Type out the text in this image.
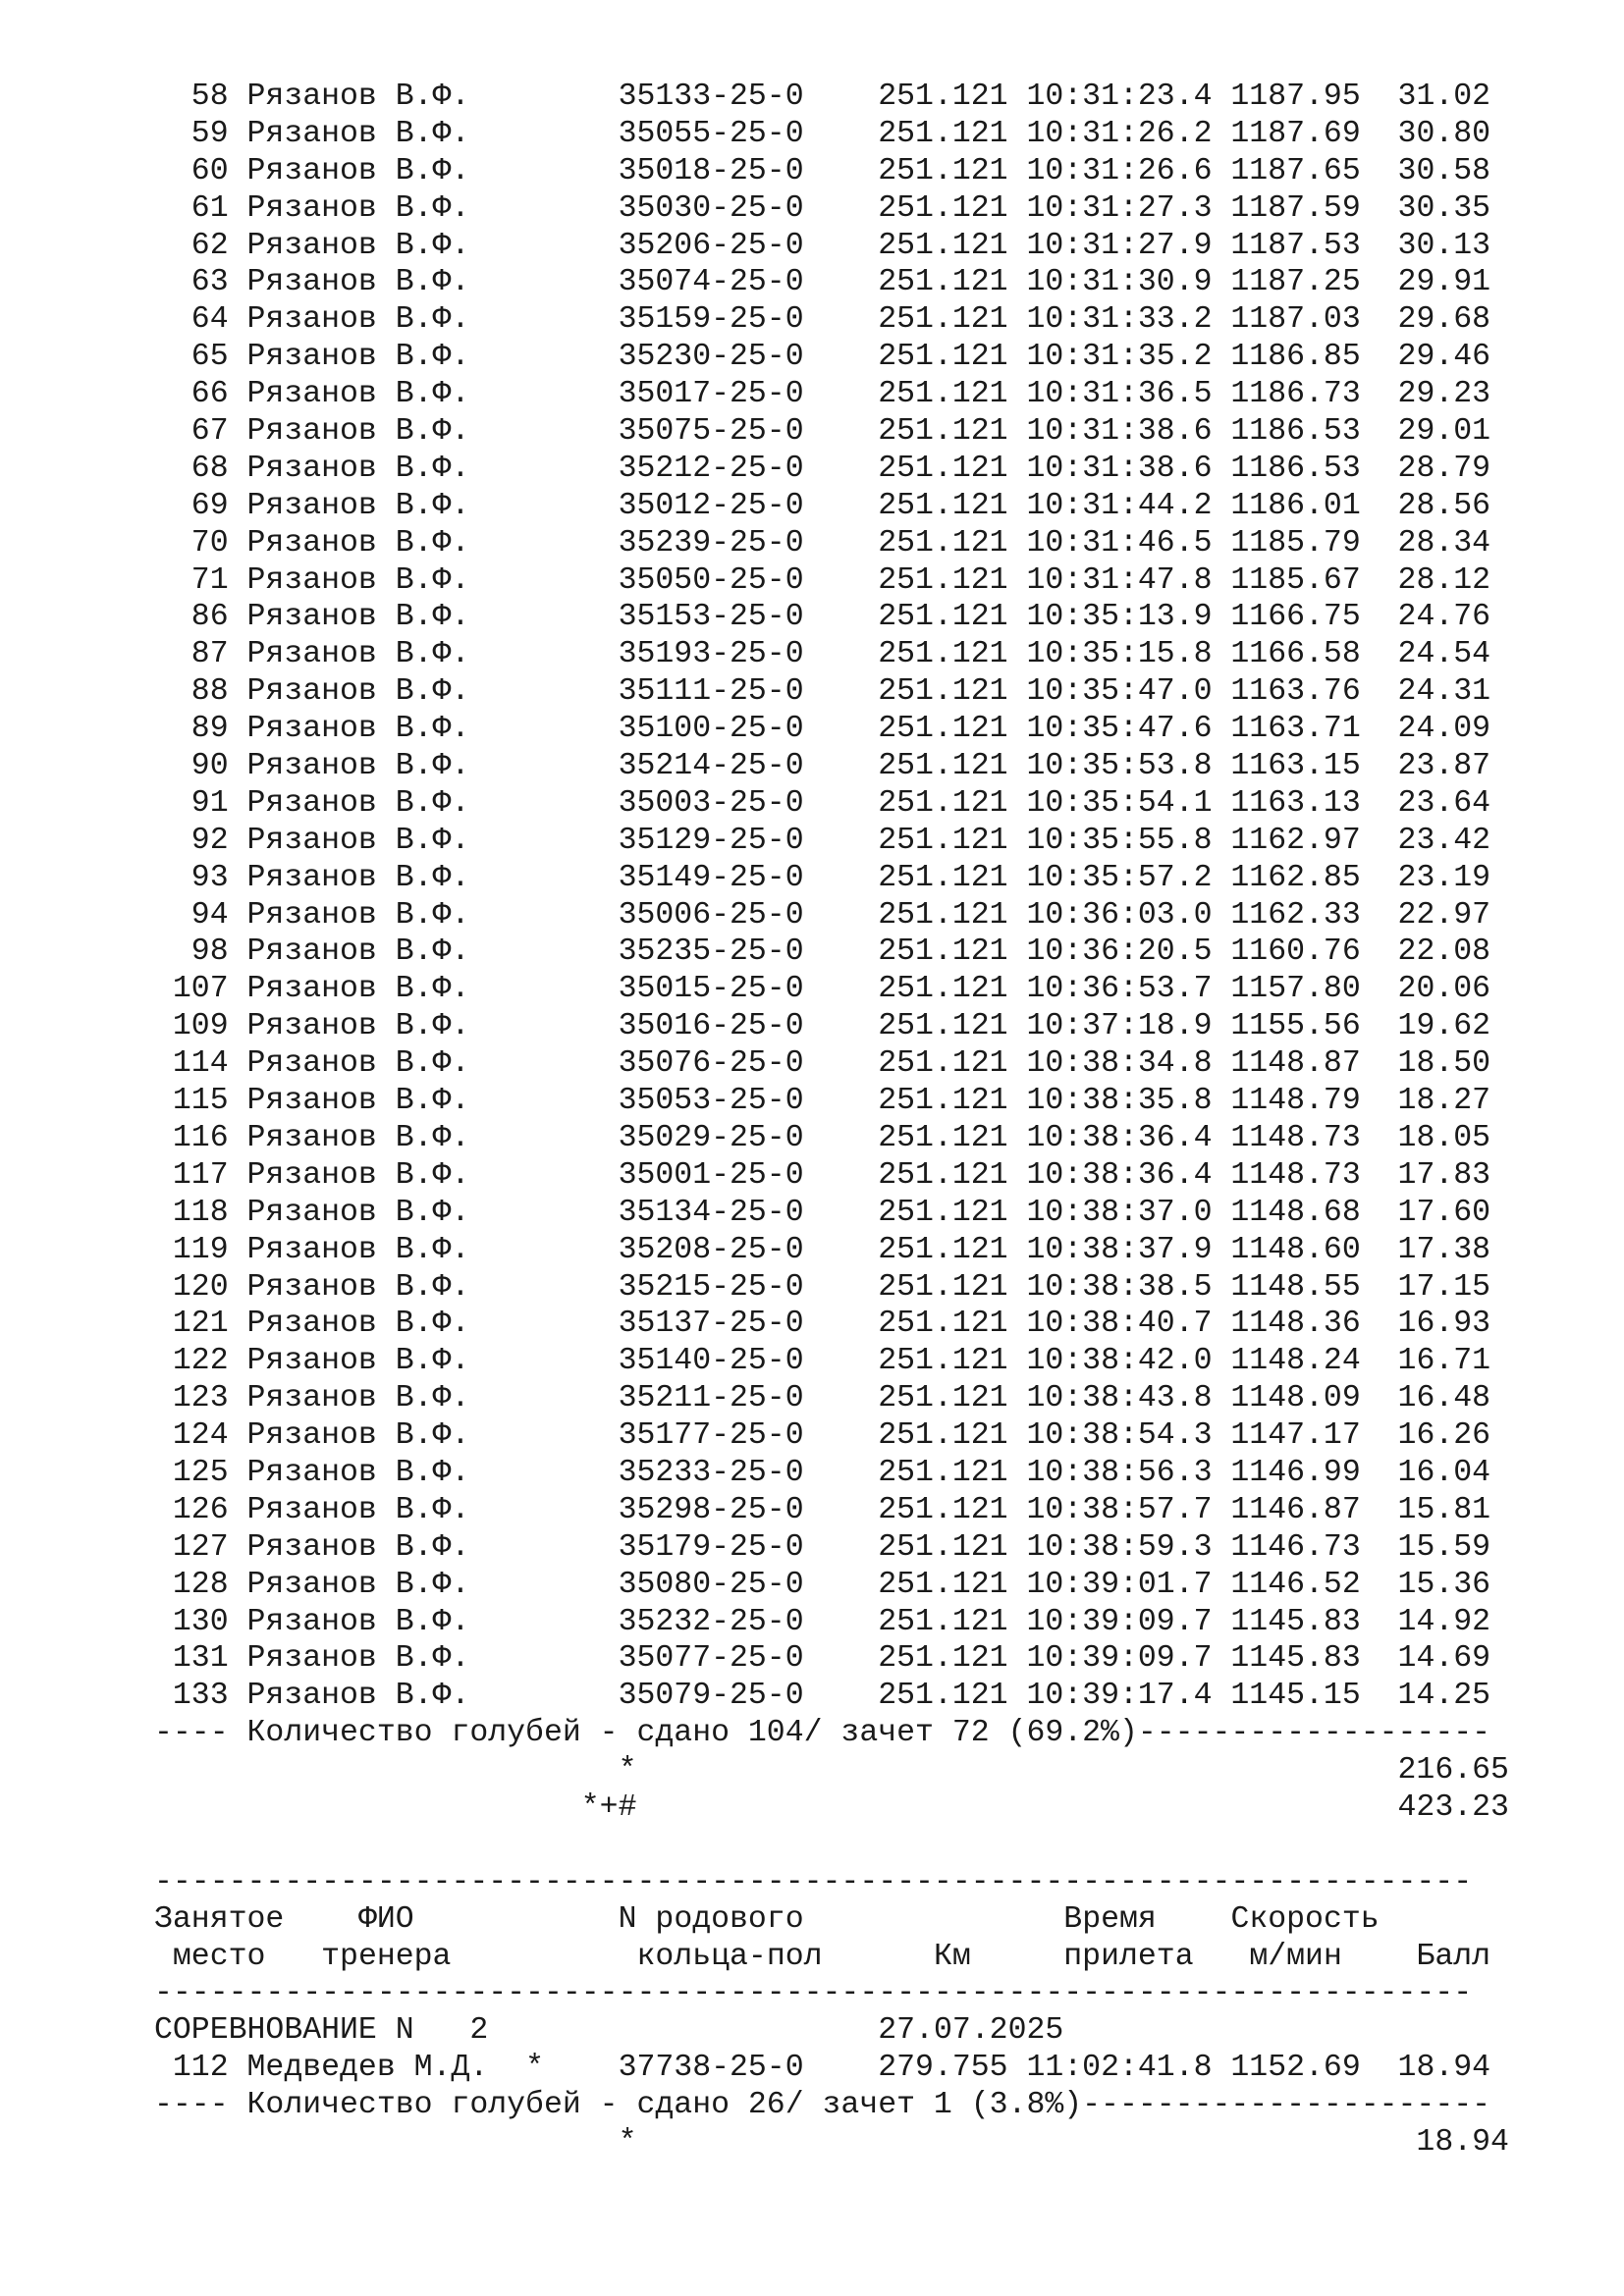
58 Рязанов В.Ф.        35133-25-0    251.121 10:31:23.4 1187.95  31.02
59 Рязанов В.Ф.        35055-25-0    251.121 10:31:26.2 1187.69  30.80
60 Рязанов В.Ф.        35018-25-0    251.121 10:31:26.6 1187.65  30.58
61 Рязанов В.Ф.        35030-25-0    251.121 10:31:27.3 1187.59  30.35
62 Рязанов В.Ф.        35206-25-0    251.121 10:31:27.9 1187.53  30.13
63 Рязанов В.Ф.        35074-25-0    251.121 10:31:30.9 1187.25  29.91
64 Рязанов В.Ф.        35159-25-0    251.121 10:31:33.2 1187.03  29.68
65 Рязанов В.Ф.        35230-25-0    251.121 10:31:35.2 1186.85  29.46
66 Рязанов В.Ф.        35017-25-0    251.121 10:31:36.5 1186.73  29.23
67 Рязанов В.Ф.        35075-25-0    251.121 10:31:38.6 1186.53  29.01
68 Рязанов В.Ф.        35212-25-0    251.121 10:31:38.6 1186.53  28.79
69 Рязанов В.Ф.        35012-25-0    251.121 10:31:44.2 1186.01  28.56
70 Рязанов В.Ф.        35239-25-0    251.121 10:31:46.5 1185.79  28.34
71 Рязанов В.Ф.        35050-25-0    251.121 10:31:47.8 1185.67  28.12
86 Рязанов В.Ф.        35153-25-0    251.121 10:35:13.9 1166.75  24.76
87 Рязанов В.Ф.        35193-25-0    251.121 10:35:15.8 1166.58  24.54
88 Рязанов В.Ф.        35111-25-0    251.121 10:35:47.0 1163.76  24.31
89 Рязанов В.Ф.        35100-25-0    251.121 10:35:47.6 1163.71  24.09
90 Рязанов В.Ф.        35214-25-0    251.121 10:35:53.8 1163.15  23.87
91 Рязанов В.Ф.        35003-25-0    251.121 10:35:54.1 1163.13  23.64
92 Рязанов В.Ф.        35129-25-0    251.121 10:35:55.8 1162.97  23.42
93 Рязанов В.Ф.        35149-25-0    251.121 10:35:57.2 1162.85  23.19
94 Рязанов В.Ф.        35006-25-0    251.121 10:36:03.0 1162.33  22.97
98 Рязанов В.Ф.        35235-25-0    251.121 10:36:20.5 1160.76  22.08
107 Рязанов В.Ф.        35015-25-0    251.121 10:36:53.7 1157.80  20.06
109 Рязанов В.Ф.        35016-25-0    251.121 10:37:18.9 1155.56  19.62
114 Рязанов В.Ф.        35076-25-0    251.121 10:38:34.8 1148.87  18.50
115 Рязанов В.Ф.        35053-25-0    251.121 10:38:35.8 1148.79  18.27
116 Рязанов В.Ф.        35029-25-0    251.121 10:38:36.4 1148.73  18.05
117 Рязанов В.Ф.        35001-25-0    251.121 10:38:36.4 1148.73  17.83
118 Рязанов В.Ф.        35134-25-0    251.121 10:38:37.0 1148.68  17.60
119 Рязанов В.Ф.        35208-25-0    251.121 10:38:37.9 1148.60  17.38
120 Рязанов В.Ф.        35215-25-0    251.121 10:38:38.5 1148.55  17.15
121 Рязанов В.Ф.        35137-25-0    251.121 10:38:40.7 1148.36  16.93
122 Рязанов В.Ф.        35140-25-0    251.121 10:38:42.0 1148.24  16.71
123 Рязанов В.Ф.        35211-25-0    251.121 10:38:43.8 1148.09  16.48
124 Рязанов В.Ф.        35177-25-0    251.121 10:38:54.3 1147.17  16.26
125 Рязанов В.Ф.        35233-25-0    251.121 10:38:56.3 1146.99  16.04
126 Рязанов В.Ф.        35298-25-0    251.121 10:38:57.7 1146.87  15.81
127 Рязанов В.Ф.        35179-25-0    251.121 10:38:59.3 1146.73  15.59
128 Рязанов В.Ф.        35080-25-0    251.121 10:39:01.7 1146.52  15.36
130 Рязанов В.Ф.        35232-25-0    251.121 10:39:09.7 1145.83  14.92
131 Рязанов В.Ф.        35077-25-0    251.121 10:39:09.7 1145.83  14.69
133 Рязанов В.Ф.        35079-25-0    251.121 10:39:17.4 1145.15  14.25
---- Количество голубей - сдано 104/ зачет 72 (69.2%)-------------------
*	216.65
*+#	423.23

-----------------------------------------------------------------------
Занятое ФИО	N родового	Время Скорость
место тренера	кольца-пол	Км	прилета м/мин Балл
-----------------------------------------------------------------------
СОРЕВНОВАНИЕ N 2	27.07.2025
112 Медведев М.Д.  *    37738-25-0    279.755 11:02:41.8 1152.69  18.94
---- Количество голубей - сдано 26/ зачет 1 (3.8%)----------------------
*	18.94
